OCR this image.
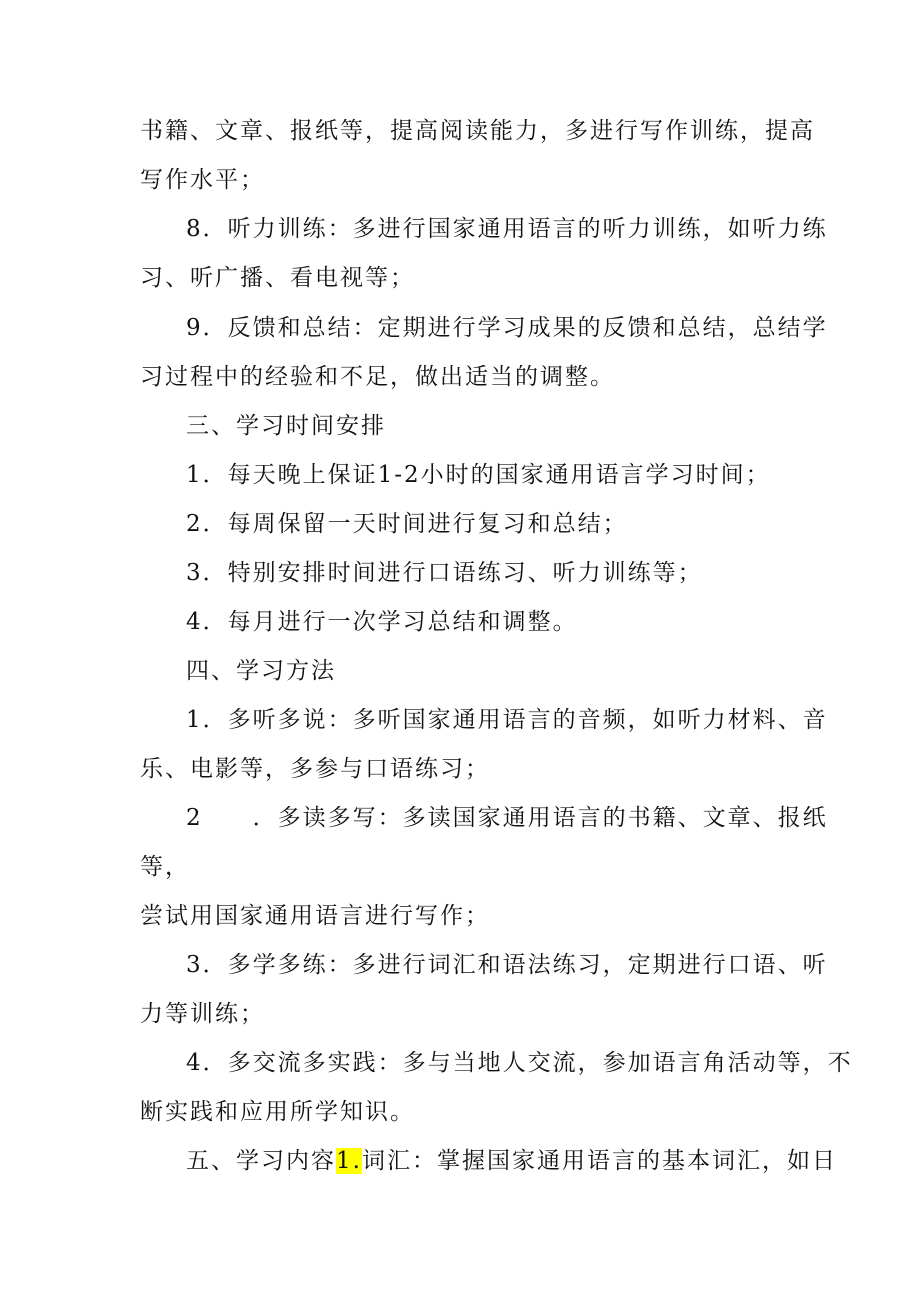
书籍、文章、报纸等，提高阅读能力，多进行写作训练，提高
写作水平；
8．听力训练：多进行国家通用语言的听力训练，如听力练
习、听广播、看电视等；
9．反馈和总结：定期进行学习成果的反馈和总结，总结学
习过程中的经验和不足，做出适当的调整。
三、学习时间安排
1．每天晚上保证1-2小时的国家通用语言学习时间；
2．每周保留一天时间进行复习和总结；
3．特别安排时间进行口语练习、听力训练等；
4．每月进行一次学习总结和调整。
四、学习方法
1．多听多说：多听国家通用语言的音频，如听力材料、音
乐、电影等，多参与口语练习；
2　　．多读多写：多读国家通用语言的书籍、文章、报纸
等，
尝试用国家通用语言进行写作；
3．多学多练：多进行词汇和语法练习，定期进行口语、听
力等训练；
4．多交流多实践：多与当地人交流，参加语言角活动等，不
断实践和应用所学知识。
五、学习内容1.词汇：掌握国家通用语言的基本词汇，如日
